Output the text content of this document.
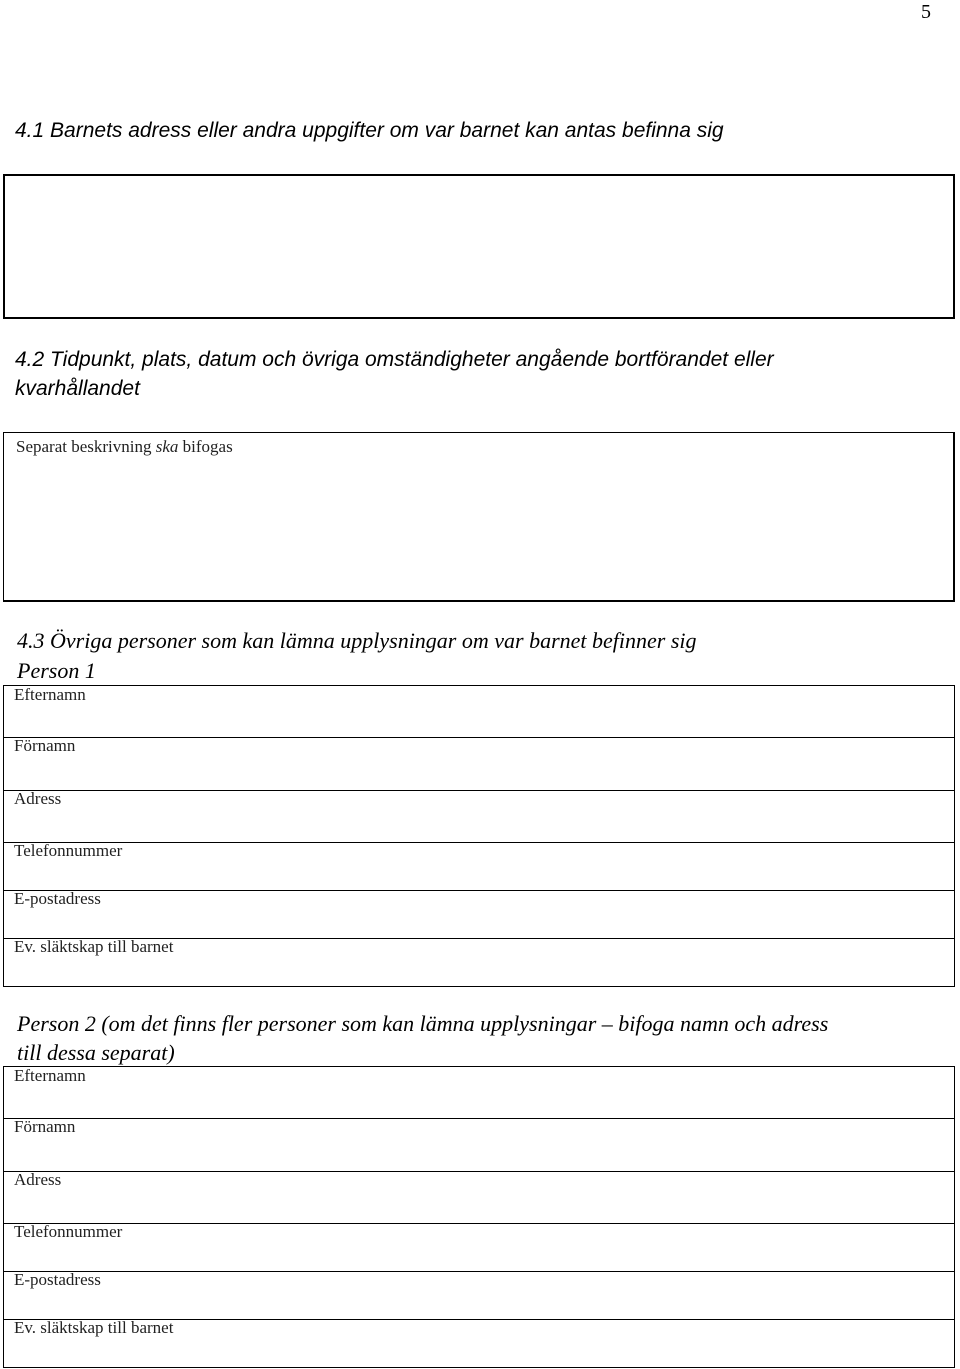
5
4.1 Barnets adress eller andra uppgifter om var barnet kan antas befinna sig
4.2 Tidpunkt, plats, datum och övriga omständigheter angående bortförandet eller
kvarhållandet
Separat beskrivning ska bifogas
4.3 Övriga personer som kan lämna upplysningar om var barnet befinner sig
Person 1
Efternamn
Förnamn
Adress
Telefonnummer
E-postadress
Ev. släktskap till barnet
Person 2 (om det finns fler personer som kan lämna upplysningar – bifoga namn och adress
till dessa separat)
Efternamn
Förnamn
Adress
Telefonnummer
E-postadress
Ev. släktskap till barnet
